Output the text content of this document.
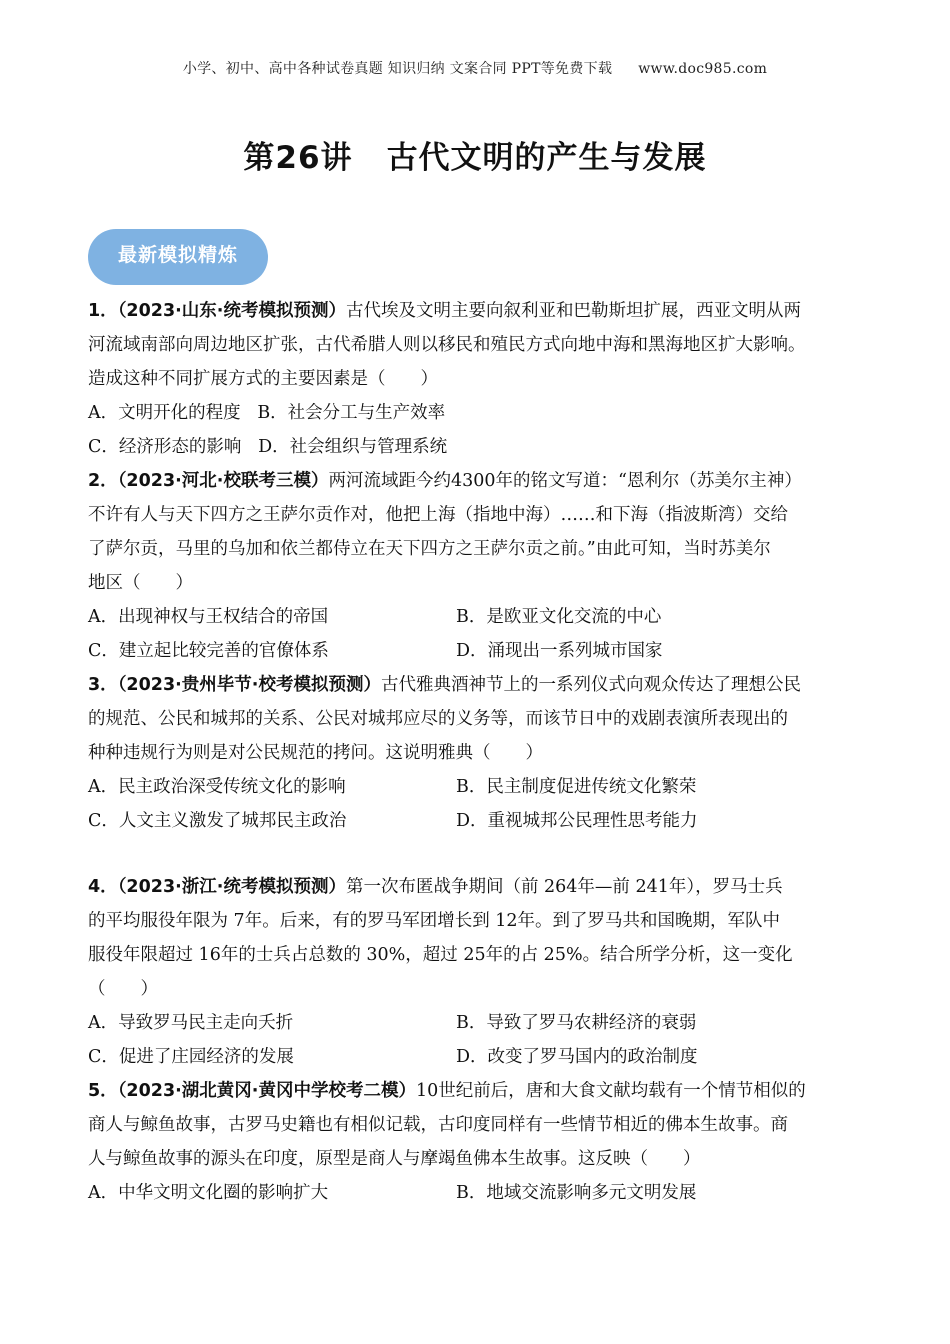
小学、初中、高中各种试卷真题 知识归纳 文案合同 PPT等免费下载 www.doc985.com
第26讲 古代文明的产生与发展
最新模拟精炼
1．（2023·山东·统考模拟预测）古代埃及文明主要向叙利亚和巴勒斯坦扩展，西亚文明从两
河流域南部向周边地区扩张，古代希腊人则以移民和殖民方式向地中海和黑海地区扩大影响。
造成这种不同扩展方式的主要因素是（　　）
A．文明开化的程度   B．社会分工与生产效率
C．经济形态的影响   D．社会组织与管理系统
2．（2023·河北·校联考三模）两河流域距今约4300年的铭文写道：“恩利尔（苏美尔主神）
不许有人与天下四方之王萨尔贡作对，他把上海（指地中海）……和下海（指波斯湾）交给
了萨尔贡，马里的乌加和依兰都侍立在天下四方之王萨尔贡之前。”由此可知，当时苏美尔
地区（　　）
A．出现神权与王权结合的帝国	B．是欧亚文化交流的中心
C．建立起比较完善的官僚体系	D．涌现出一系列城市国家
3．（2023·贵州毕节·校考模拟预测）古代雅典酒神节上的一系列仪式向观众传达了理想公民
的规范、公民和城邦的关系、公民对城邦应尽的义务等，而该节日中的戏剧表演所表现出的
种种违规行为则是对公民规范的拷问。这说明雅典（　　）
A．民主政治深受传统文化的影响	B．民主制度促进传统文化繁荣
C．人文主义激发了城邦民主政治	D．重视城邦公民理性思考能力
4．（2023·浙江·统考模拟预测）第一次布匿战争期间（前 264年—前 241年），罗马士兵
的平均服役年限为 7年。后来，有的罗马军团增长到 12年。到了罗马共和国晚期，军队中
服役年限超过 16年的士兵占总数的 30%，超过 25年的占 25%。结合所学分析，这一变化
（　　）
A．导致罗马民主走向夭折	B．导致了罗马农耕经济的衰弱
C．促进了庄园经济的发展	D．改变了罗马国内的政治制度
5．（2023·湖北黄冈·黄冈中学校考二模）10世纪前后，唐和大食文献均载有一个情节相似的
商人与鲸鱼故事，古罗马史籍也有相似记载，古印度同样有一些情节相近的佛本生故事。商
人与鲸鱼故事的源头在印度，原型是商人与摩竭鱼佛本生故事。这反映（　　）
A．中华文明文化圈的影响扩大	B．地域交流影响多元文明发展
